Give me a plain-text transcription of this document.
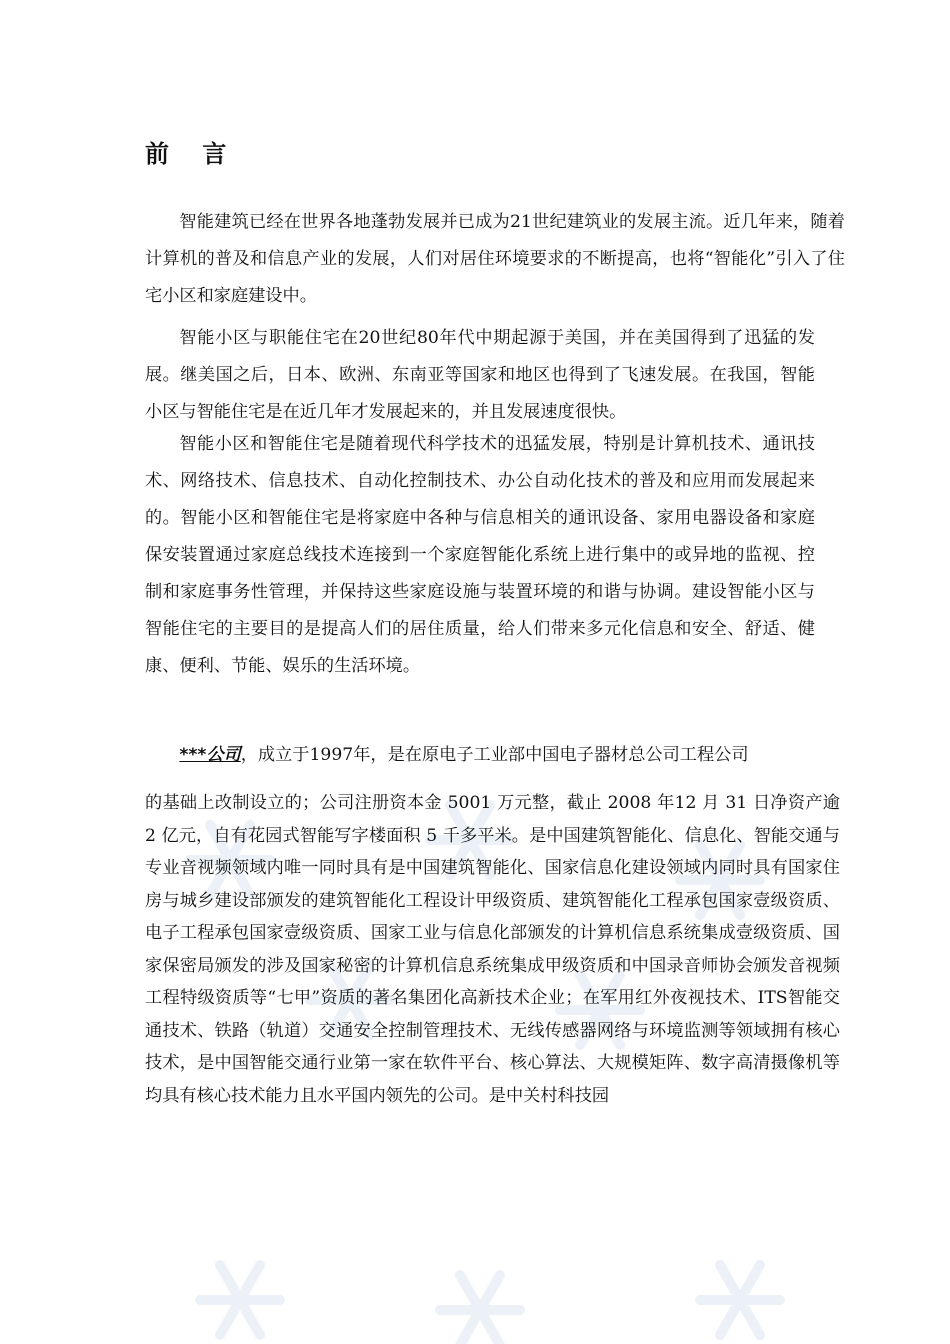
前    言

智能建筑已经在世界各地蓬勃发展并已成为21世纪建筑业的发展主流。近几年来，随着计算机的普及和信息产业的发展，人们对居住环境要求的不断提高，也将“智能化”引入了住宅小区和家庭建设中。

智能小区与职能住宅在20世纪80年代中期起源于美国，并在美国得到了迅猛的发展。继美国之后，日本、欧洲、东南亚等国家和地区也得到了飞速发展。在我国，智能小区与智能住宅是在近几年才发展起来的，并且发展速度很快。

智能小区和智能住宅是随着现代科学技术的迅猛发展，特别是计算机技术、通讯技术、网络技术、信息技术、自动化控制技术、办公自动化技术的普及和应用而发展起来的。智能小区和智能住宅是将家庭中各种与信息相关的通讯设备、家用电器设备和家庭保安装置通过家庭总线技术连接到一个家庭智能化系统上进行集中的或异地的监视、控制和家庭事务性管理，并保持这些家庭设施与装置环境的和谐与协调。建设智能小区与智能住宅的主要目的是提高人们的居住质量，给人们带来多元化信息和安全、舒适、健康、便利、节能、娱乐的生活环境。

***公司，成立于1997年，是在原电子工业部中国电子器材总公司工程公司

的基础上改制设立的；公司注册资本金 5001 万元整，截止 2008 年12 月 31 日净资产逾2 亿元，自有花园式智能写字楼面积 5 千多平米。是中国建筑智能化、信息化、智能交通与专业音视频领域内唯一同时具有是中国建筑智能化、国家信息化建设领域内同时具有国家住房与城乡建设部颁发的建筑智能化工程设计甲级资质、建筑智能化工程承包国家壹级资质、电子工程承包国家壹级资质、国家工业与信息化部颁发的计算机信息系统集成壹级资质、国家保密局颁发的涉及国家秘密的计算机信息系统集成甲级资质和中国录音师协会颁发音视频工程特级资质等“七甲”资质的著名集团化高新技术企业；在军用红外夜视技术、ITS智能交通技术、铁路（轨道）交通安全控制管理技术、无线传感器网络与环境监测等领域拥有核心技术，是中国智能交通行业第一家在软件平台、核心算法、大规模矩阵、数字高清摄像机等均具有核心技术能力且水平国内领先的公司。是中关村科技园
